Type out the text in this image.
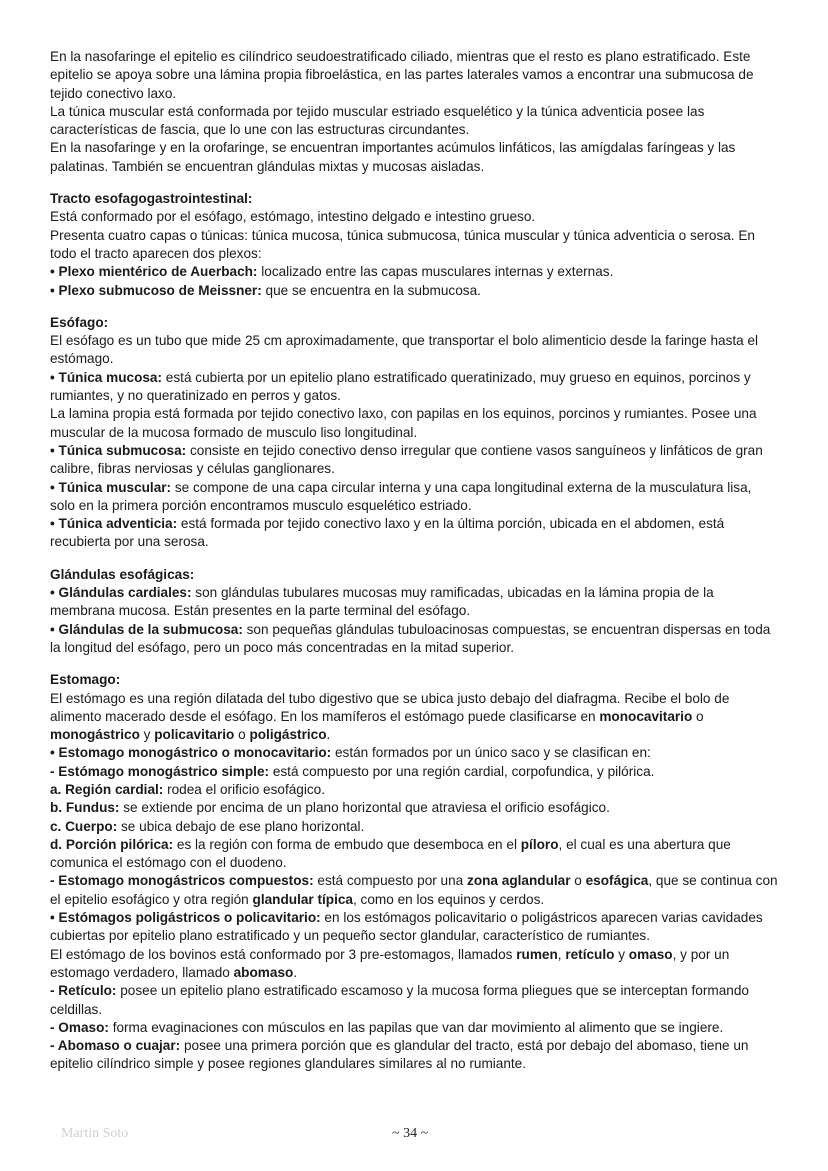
En la nasofaringe el epitelio es cilíndrico seudoestratificado ciliado, mientras que el resto es plano estratificado. Este epitelio se apoya sobre una lámina propia fibroelástica, en las partes laterales vamos a encontrar una submucosa de tejido conectivo laxo.

La túnica muscular está conformada por tejido muscular estriado esquelético y la túnica adventicia posee las características de fascia, que lo une con las estructuras circundantes.

En la nasofaringe y en la orofaringe, se encuentran importantes acúmulos linfáticos, las amígdalas faríngeas y las palatinas. También se encuentran glándulas mixtas y mucosas aisladas.

Tracto esofagogastrointestinal:

Está conformado por el esófago, estómago, intestino delgado e intestino grueso.

Presenta cuatro capas o túnicas: túnica mucosa, túnica submucosa, túnica muscular y túnica adventicia o serosa. En todo el tracto aparecen dos plexos:

• Plexo mientérico de Auerbach: localizado entre las capas musculares internas y externas.

• Plexo submucoso de Meissner: que se encuentra en la submucosa.

Esófago:

El esófago es un tubo que mide 25 cm aproximadamente, que transportar el bolo alimenticio desde la faringe hasta el estómago.

• Túnica mucosa: está cubierta por un epitelio plano estratificado queratinizado, muy grueso en equinos, porcinos y rumiantes, y no queratinizado en perros y gatos.

La lamina propia está formada por tejido conectivo laxo, con papilas en los equinos, porcinos y rumiantes. Posee una muscular de la mucosa formado de musculo liso longitudinal.

• Túnica submucosa: consiste en tejido conectivo denso irregular que contiene vasos sanguíneos y linfáticos de gran calibre, fibras nerviosas y células ganglionares.

• Túnica muscular: se compone de una capa circular interna y una capa longitudinal externa de la musculatura lisa, solo en la primera porción encontramos musculo esquelético estriado.

• Túnica adventicia: está formada por tejido conectivo laxo y en la última porción, ubicada en el abdomen, está recubierta por una serosa.

Glándulas esofágicas:

• Glándulas cardiales: son glándulas tubulares mucosas muy ramificadas, ubicadas en la lámina propia de la membrana mucosa. Están presentes en la parte terminal del esófago.

• Glándulas de la submucosa: son pequeñas glándulas tubuloacinosas compuestas, se encuentran dispersas en toda la longitud del esófago, pero un poco más concentradas en la mitad superior.

Estomago:

El estómago es una región dilatada del tubo digestivo que se ubica justo debajo del diafragma. Recibe el bolo de alimento macerado desde el esófago. En los mamíferos el estómago puede clasificarse en monocavitario o monogástrico y policavitario o poligástrico.

• Estomago monogástrico o monocavitario: están formados por un único saco y se clasifican en:

- Estómago monogástrico simple: está compuesto por una región cardial, corpofundica, y pilórica.

a. Región cardial: rodea el orificio esofágico.

b. Fundus: se extiende por encima de un plano horizontal que atraviesa el orificio esofágico.

c. Cuerpo: se ubica debajo de ese plano horizontal.

d. Porción pilórica: es la región con forma de embudo que desemboca en el píloro, el cual es una abertura que comunica el estómago con el duodeno.

- Estomago monogástricos compuestos: está compuesto por una zona aglandular o esofágica, que se continua con el epitelio esofágico y otra región glandular típica, como en los equinos y cerdos.

• Estómagos poligástricos o policavitario: en los estómagos policavitario o poligástricos aparecen varias cavidades cubiertas por epitelio plano estratificado y un pequeño sector glandular, característico de rumiantes.

El estómago de los bovinos está conformado por 3 pre-estomagos, llamados rumen, retículo y omaso, y por un estomago verdadero, llamado abomaso.

- Retículo: posee un epitelio plano estratificado escamoso y la mucosa forma pliegues que se interceptan formando celdillas.

- Omaso: forma evaginaciones con músculos en las papilas que van dar movimiento al alimento que se ingiere.

- Abomaso o cuajar: posee una primera porción que es glandular del tracto, está por debajo del abomaso, tiene un epitelio cilíndrico simple y posee regiones glandulares similares al no rumiante.

Martin Soto	~ 34 ~
